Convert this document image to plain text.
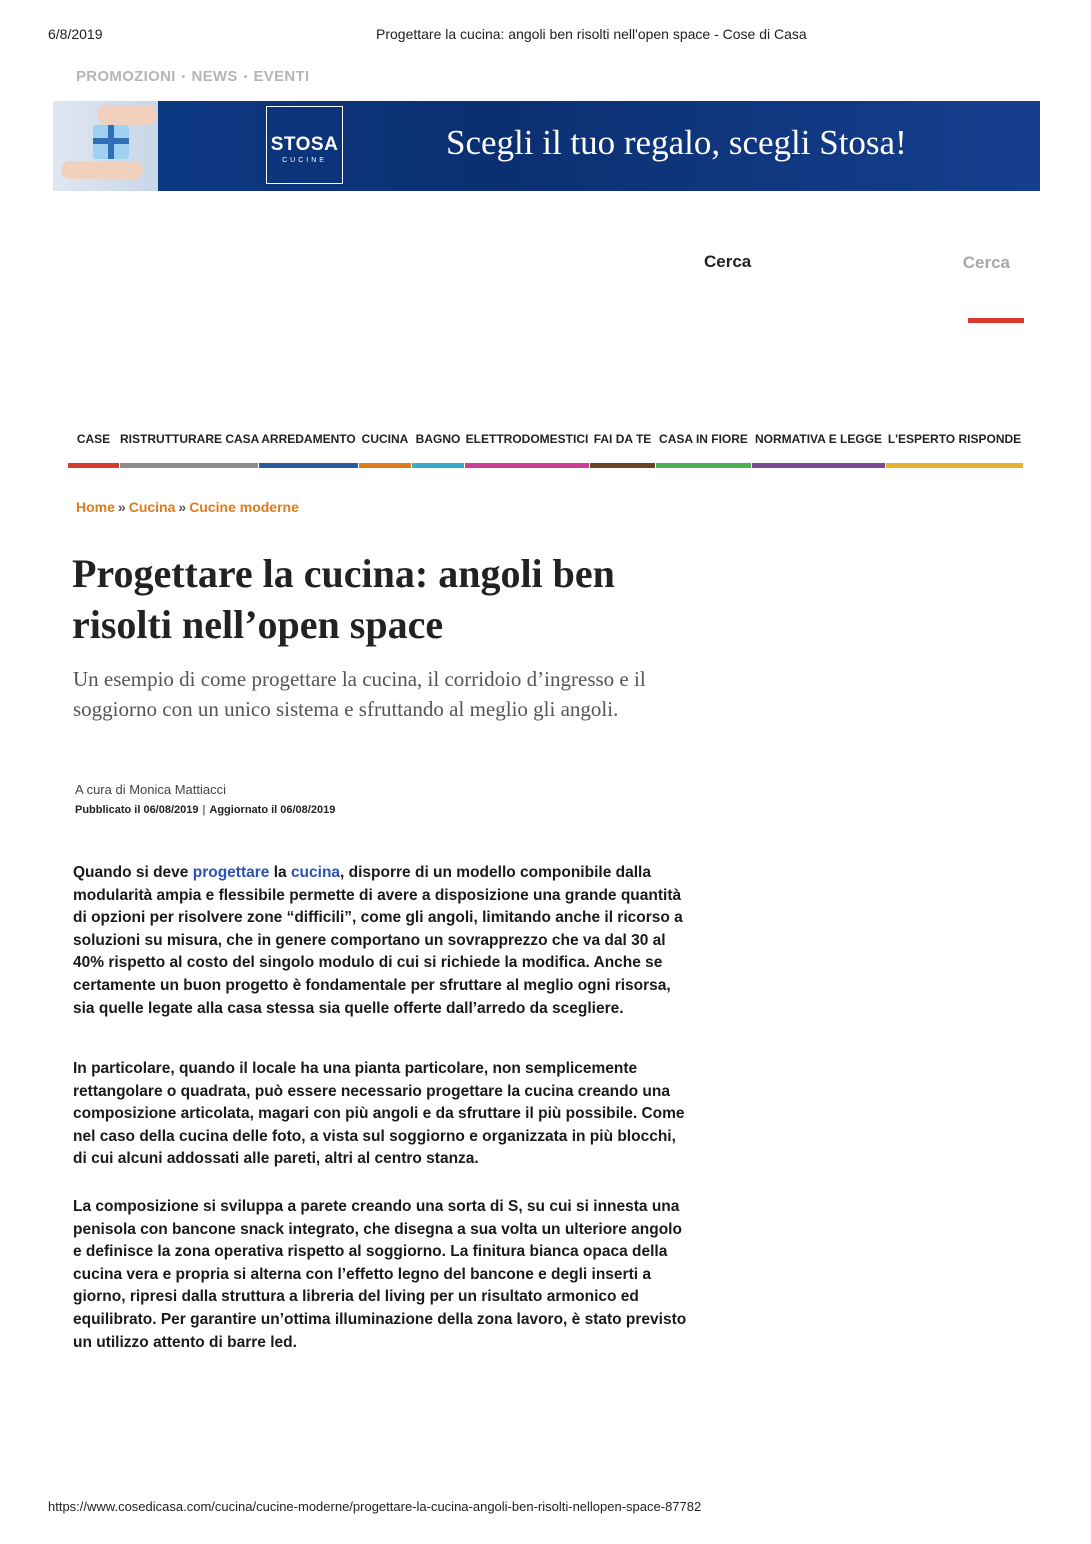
6/8/2019	Progettare la cucina: angoli ben risolti nell'open space - Cose di Casa
PROMOZIONI • NEWS • EVENTI
STOSA
CUCINE	Scegli il tuo regalo, scegli Stosa!
Cerca
Cerca
CASE RISTRUTTURARE CASA ARREDAMENTO CUCINA BAGNO ELETTRODOMESTICI FAI DA TE CASA IN FIORE NORMATIVA E LEGGE L'ESPERTO RISPONDE
Home » Cucina » Cucine moderne
Progettare la cucina: angoli ben risolti nell’open space

Un esempio di come progettare la cucina, il corridoio d’ingresso e il soggiorno con un unico sistema e sfruttando al meglio gli angoli.

A cura di Monica Mattiacci
Pubblicato il 06/08/2019 | Aggiornato il 06/08/2019

Quando si deve progettare la cucina, disporre di un modello componibile dalla modularità ampia e flessibile permette di avere a disposizione una grande quantità di opzioni per risolvere zone “difficili”, come gli angoli, limitando anche il ricorso a soluzioni su misura, che in genere comportano un sovrapprezzo che va dal 30 al 40% rispetto al costo del singolo modulo di cui si richiede la modifica. Anche se certamente un buon progetto è fondamentale per sfruttare al meglio ogni risorsa, sia quelle legate alla casa stessa sia quelle offerte dall’arredo da scegliere.

In particolare, quando il locale ha una pianta particolare, non semplicemente rettangolare o quadrata, può essere necessario progettare la cucina creando una composizione articolata, magari con più angoli e da sfruttare il più possibile. Come nel caso della cucina delle foto, a vista sul soggiorno e organizzata in più blocchi, di cui alcuni addossati alle pareti, altri al centro stanza.

La composizione si sviluppa a parete creando una sorta di S, su cui si innesta una penisola con bancone snack integrato, che disegna a sua volta un ulteriore angolo e definisce la zona operativa rispetto al soggiorno. La finitura bianca opaca della cucina vera e propria si alterna con l’effetto legno del bancone e degli inserti a giorno, ripresi dalla struttura a libreria del living per un risultato armonico ed equilibrato. Per garantire un’ottima illuminazione della zona lavoro, è stato previsto un utilizzo attento di barre led.

https://www.cosedicasa.com/cucina/cucine-moderne/progettare-la-cucina-angoli-ben-risolti-nellopen-space-87782
